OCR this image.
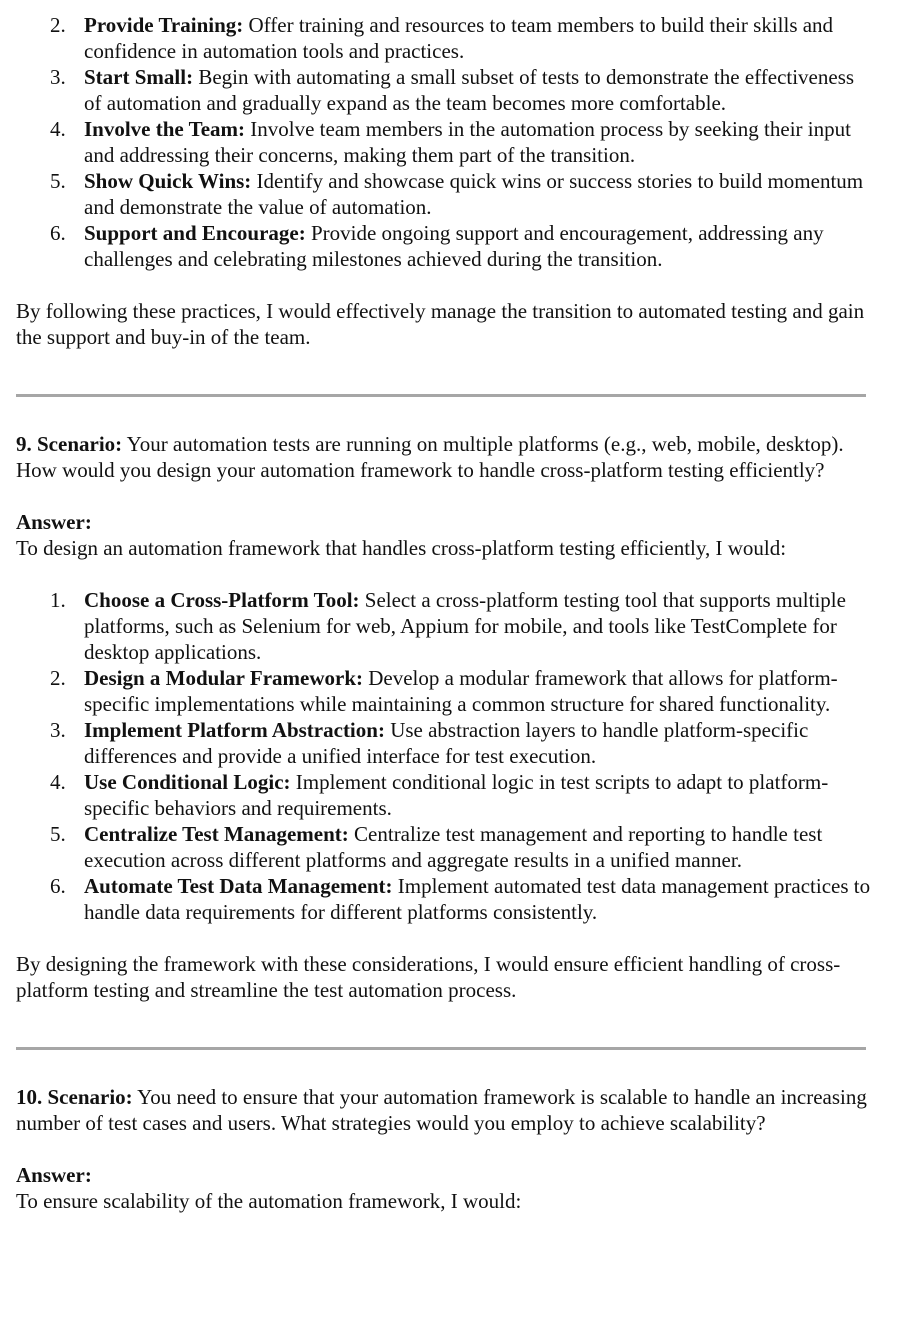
2. Provide Training: Offer training and resources to team members to build their skills and confidence in automation tools and practices.
3. Start Small: Begin with automating a small subset of tests to demonstrate the effectiveness of automation and gradually expand as the team becomes more comfortable.
4. Involve the Team: Involve team members in the automation process by seeking their input and addressing their concerns, making them part of the transition.
5. Show Quick Wins: Identify and showcase quick wins or success stories to build momentum and demonstrate the value of automation.
6. Support and Encourage: Provide ongoing support and encouragement, addressing any challenges and celebrating milestones achieved during the transition.

By following these practices, I would effectively manage the transition to automated testing and gain the support and buy-in of the team.

9. Scenario: Your automation tests are running on multiple platforms (e.g., web, mobile, desktop). How would you design your automation framework to handle cross-platform testing efficiently?

Answer:

To design an automation framework that handles cross-platform testing efficiently, I would:

1. Choose a Cross-Platform Tool: Select a cross-platform testing tool that supports multiple platforms, such as Selenium for web, Appium for mobile, and tools like TestComplete for desktop applications.
2. Design a Modular Framework: Develop a modular framework that allows for platform-specific implementations while maintaining a common structure for shared functionality.
3. Implement Platform Abstraction: Use abstraction layers to handle platform-specific differences and provide a unified interface for test execution.
4. Use Conditional Logic: Implement conditional logic in test scripts to adapt to platform-specific behaviors and requirements.
5. Centralize Test Management: Centralize test management and reporting to handle test execution across different platforms and aggregate results in a unified manner.
6. Automate Test Data Management: Implement automated test data management practices to handle data requirements for different platforms consistently.

By designing the framework with these considerations, I would ensure efficient handling of cross-platform testing and streamline the test automation process.

10. Scenario: You need to ensure that your automation framework is scalable to handle an increasing number of test cases and users. What strategies would you employ to achieve scalability?

Answer:

To ensure scalability of the automation framework, I would:
